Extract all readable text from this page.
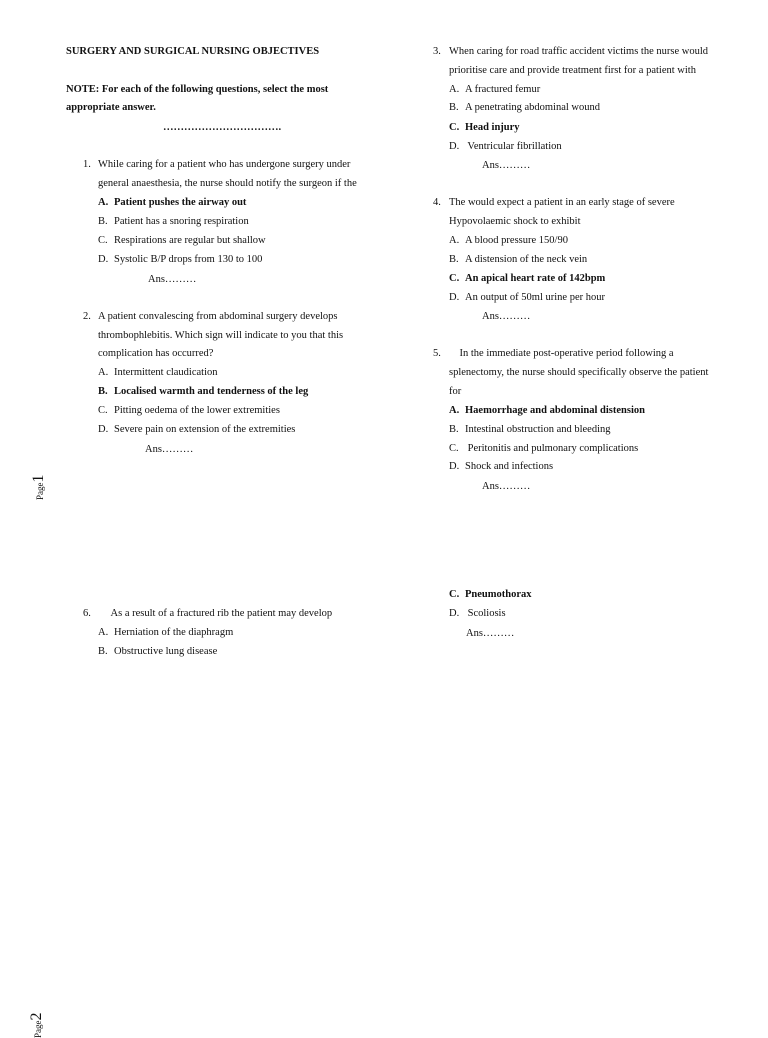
SURGERY AND SURGICAL NURSING OBJECTIVES
NOTE: For each of the following questions, select the most
appropriate answer.
…………………………….
1. While caring for a patient who has undergone surgery under
general anaesthesia, the nurse should notify the surgeon if the
A. Patient pushes the airway out
B. Patient has a snoring respiration
C. Respirations are regular but shallow
D. Systolic B/P drops from 130 to 100
Ans………
2. A patient convalescing from abdominal surgery develops
thrombophlebitis. Which sign will indicate to you that this
complication has occurred?
A. Intermittent claudication
B. Localised warmth and tenderness of the leg
C. Pitting oedema of the lower extremities
D. Severe pain on extension of the extremities
Ans………
3. When caring for road traffic accident victims the nurse would
prioritise care and provide treatment first for a patient with
A. A fractured femur
B. A penetrating abdominal wound
C. Head injury
D. Ventricular fibrillation
Ans………
4. The would expect a patient in an early stage of severe
Hypovolaemic shock to exhibit
A. A blood pressure 150/90
B. A distension of the neck vein
C. An apical heart rate of 142bpm
D. An output of 50ml urine per hour
Ans………
5. In the immediate post-operative period following a
splenectomy, the nurse should specifically observe the patient
for
A. Haemorrhage and abdominal distension
B. Intestinal obstruction and bleeding
C. Peritonitis and pulmonary complications
D. Shock and infections
Ans………
Page1
6. As a result of a fractured rib the patient may develop
A. Herniation of the diaphragm
B. Obstructive lung disease
C. Pneumothorax
D. Scoliosis
Ans………
Page2
